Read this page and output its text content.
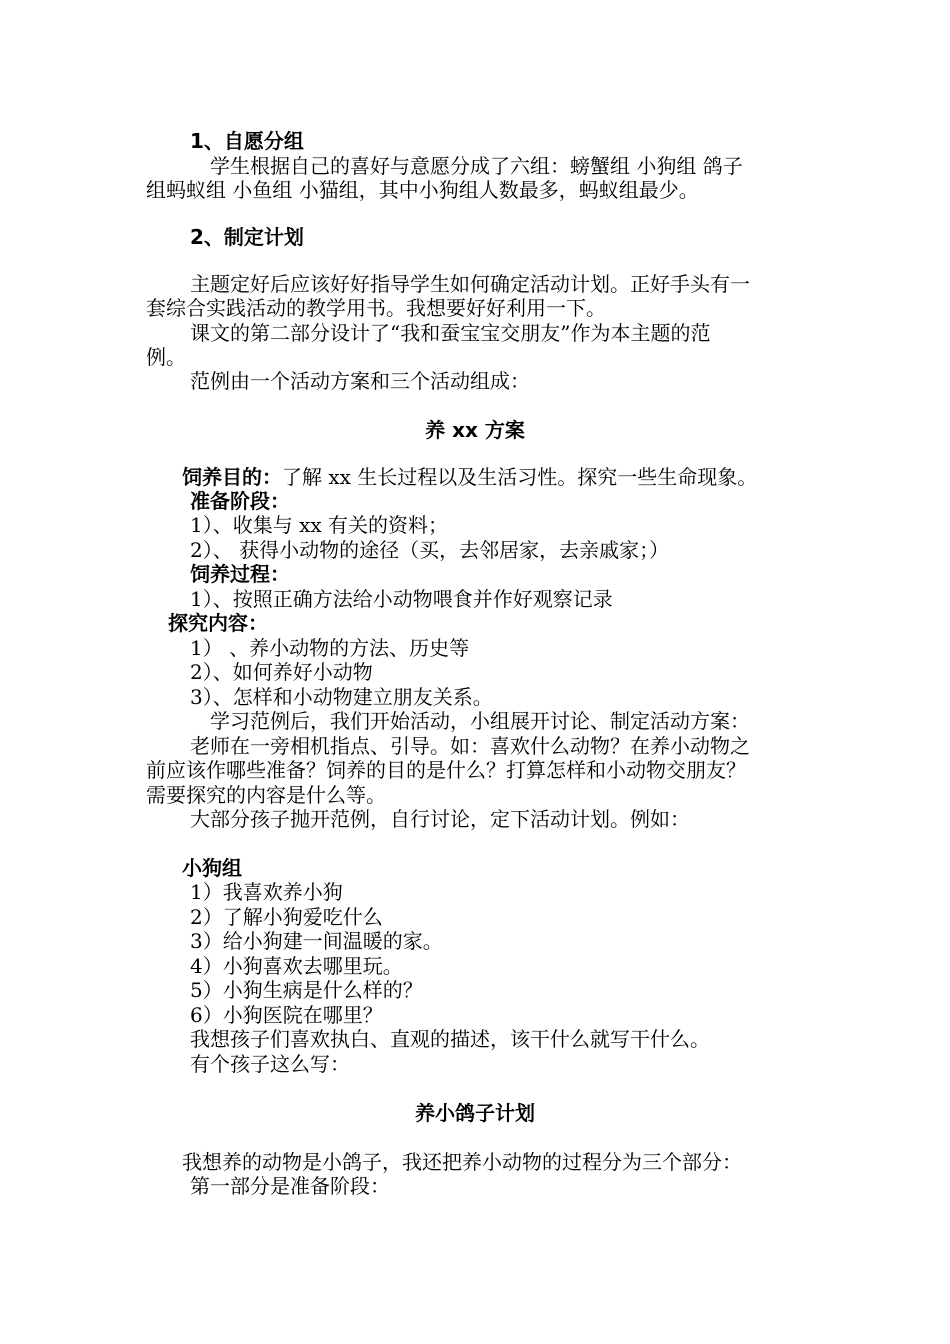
1、自愿分组
学生根据自己的喜好与意愿分成了六组：螃蟹组 小狗组 鸽子
组蚂蚁组 小鱼组 小猫组，其中小狗组人数最多，蚂蚁组最少。
2、制定计划
主题定好后应该好好指导学生如何确定活动计划。正好手头有一
套综合实践活动的教学用书。我想要好好利用一下。
课文的第二部分设计了“我和蚕宝宝交朋友”作为本主题的范
例。
范例由一个活动方案和三个活动组成：
养 xx 方案
饲养目的：了解 xx 生长过程以及生活习性。探究一些生命现象。
准备阶段：
1）、收集与 xx 有关的资料；
2）、 获得小动物的途径（买，去邻居家，去亲戚家；）
饲养过程：
1）、按照正确方法给小动物喂食并作好观察记录
探究内容：
1） 、养小动物的方法、历史等
2）、如何养好小动物
3）、怎样和小动物建立朋友关系。
学习范例后，我们开始活动，小组展开讨论、制定活动方案：
老师在一旁相机指点、引导。如：喜欢什么动物？在养小动物之
前应该作哪些准备？饲养的目的是什么？打算怎样和小动物交朋友？
需要探究的内容是什么等。
大部分孩子抛开范例，自行讨论，定下活动计划。例如：
小狗组
1）我喜欢养小狗
2）了解小狗爱吃什么
3）给小狗建一间温暖的家。
4）小狗喜欢去哪里玩。
5）小狗生病是什么样的？
6）小狗医院在哪里？
我想孩子们喜欢执白、直观的描述，该干什么就写干什么。
有个孩子这么写：
养小鸽子计划
我想养的动物是小鸽子，我还把养小动物的过程分为三个部分：
第一部分是准备阶段：
